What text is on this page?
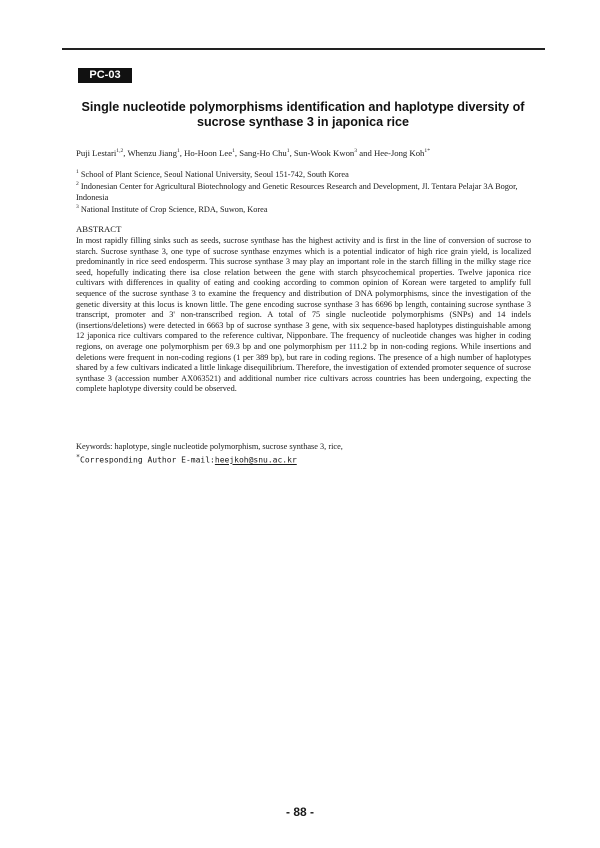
PC-03
Single nucleotide polymorphisms identification and haplotype diversity of sucrose synthase 3 in japonica rice
Puji Lestari$^{1,2}$, Whenzu Jiang$^1$, Ho-Hoon Lee$^1$, Sang-Ho Chu$^1$, Sun-Wook Kwon$^3$ and Hee-Jong Koh$^{1*}$
$^1$ School of Plant Science, Seoul National University, Seoul 151-742, South Korea
$^2$ Indonesian Center for Agricultural Biotechnology and Genetic Resources Research and Development, Jl. Tentara Pelajar 3A Bogor, Indonesia
$^3$ National Institute of Crop Science, RDA, Suwon, Korea
ABSTRACT

In most rapidly filling sinks such as seeds, sucrose synthase has the highest activity and is first in the line of conversion of sucrose to starch. Sucrose synthase 3, one type of sucrose synthase enzymes which is a potential indicator of high rice grain yield, is localized predominantly in rice seed endosperm. This sucrose synthase 3 may play an important role in the starch filling in the milky stage rice seed, hopefully indicating there isa close relation between the gene with starch phsycochemical properties. Twelve japonica rice cultivars with differences in quality of eating and cooking according to common opinion of Korean were targeted to amplify full sequence of the sucrose synthase 3 to examine the frequency and distribution of DNA polymorphisms, since the investigation of the genetic diversity at this locus is known little. The gene encoding sucrose synthase 3 has 6696 bp length, containing sucrose synthase 3 transcript, promoter and 3' non-transcribed region. A total of 75 single nucleotide polymorphisms (SNPs) and 14 indels (insertions/deletions) were detected in 6663 bp of sucrose synthase 3 gene, with six sequence-based haplotypes distinguishable among 12 japonica rice cultivars compared to the reference cultivar, Nipponbare. The frequency of nucleotide changes was higher in coding regions, on average one polymorphism per 69.3 bp and one polymorphism per 111.2 bp in non-coding regions. While insertions and deletions were frequent in non-coding regions (1 per 389 bp), but rare in coding regions. The presence of a high number of haplotypes shared by a few cultivars indicated a little linkage disequilibrium. Therefore, the investigation of extended promoter sequence of sucrose synthase 3 (accession number AX063521) and additional number rice cultivars across countries has been undergoing, expecting the complete haplotype diversity could be observed.

Keywords: haplotype, single nucleotide polymorphism, sucrose synthase 3, rice,
*Corresponding Author E-mail:heejkoh@snu.ac.kr
- 88 -
